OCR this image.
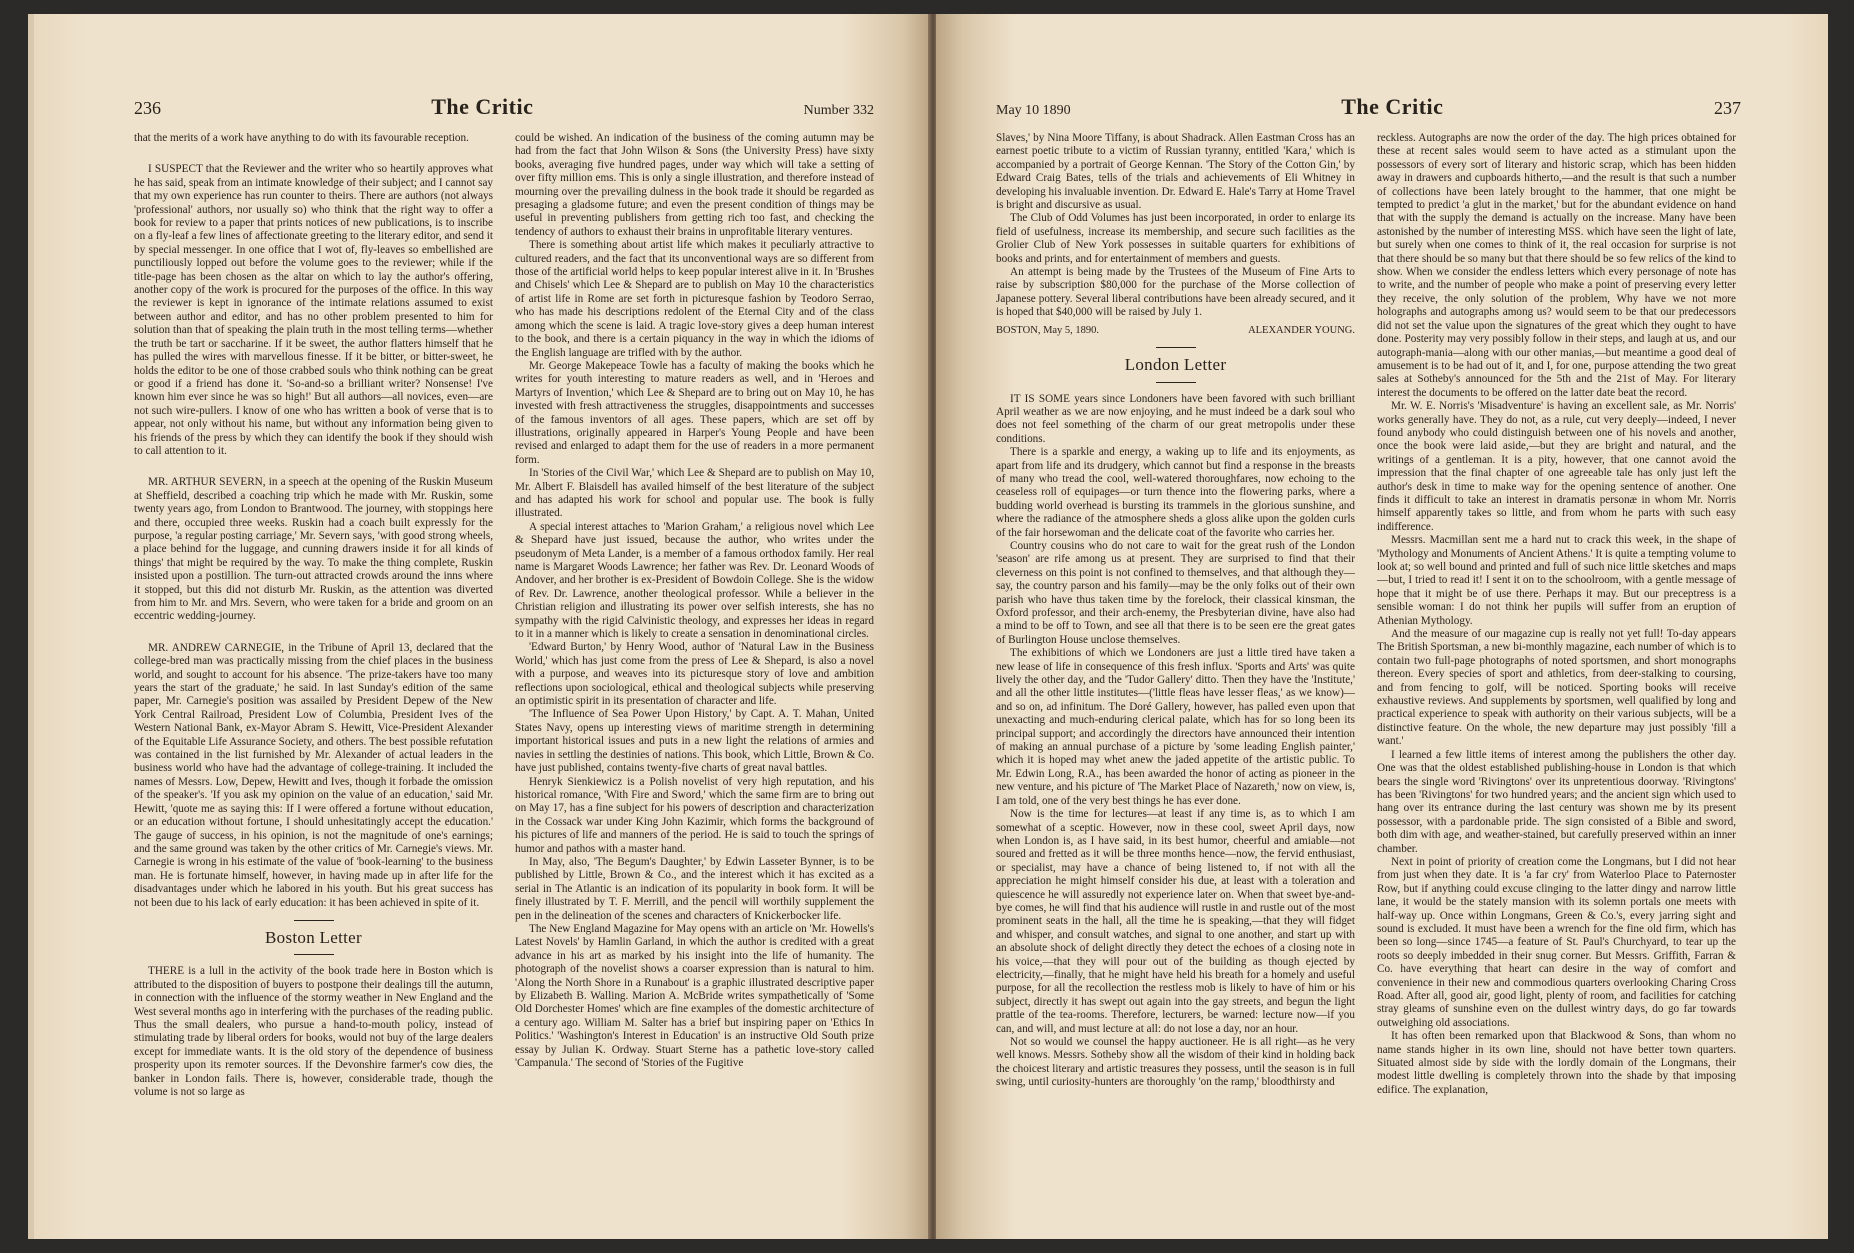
236	The Critic	Number 332

that the merits of a work have anything to do with its favourable reception.

I SUSPECT that the Reviewer and the writer who so heartily approves what he has said, speak from an intimate knowledge of their subject; and I cannot say that my own experience has run counter to theirs. There are authors (not always 'professional' authors, nor usually so) who think that the right way to offer a book for review to a paper that prints notices of new publications, is to inscribe on a fly-leaf a few lines of affectionate greeting to the literary editor, and send it by special messenger. In one office that I wot of, fly-leaves so embellished are punctiliously lopped out before the volume goes to the reviewer; while if the title-page has been chosen as the altar on which to lay the author's offering, another copy of the work is procured for the purposes of the office. In this way the reviewer is kept in ignorance of the intimate relations assumed to exist between author and editor, and has no other problem presented to him for solution than that of speaking the plain truth in the most telling terms—whether the truth be tart or saccharine. If it be sweet, the author flatters himself that he has pulled the wires with marvellous finesse. If it be bitter, or bitter-sweet, he holds the editor to be one of those crabbed souls who think nothing can be great or good if a friend has done it. 'So-and-so a brilliant writer? Nonsense! I've known him ever since he was so high!' But all authors—all novices, even—are not such wire-pullers. I know of one who has written a book of verse that is to appear, not only without his name, but without any information being given to his friends of the press by which they can identify the book if they should wish to call attention to it.

MR. ARTHUR SEVERN, in a speech at the opening of the Ruskin Museum at Sheffield, described a coaching trip which he made with Mr. Ruskin, some twenty years ago, from London to Brantwood. The journey, with stoppings here and there, occupied three weeks. Ruskin had a coach built expressly for the purpose, 'a regular posting carriage,' Mr. Severn says, 'with good strong wheels, a place behind for the luggage, and cunning drawers inside it for all kinds of things' that might be required by the way. To make the thing complete, Ruskin insisted upon a postillion. The turn-out attracted crowds around the inns where it stopped, but this did not disturb Mr. Ruskin, as the attention was diverted from him to Mr. and Mrs. Severn, who were taken for a bride and groom on an eccentric wedding-journey.

MR. ANDREW CARNEGIE, in the Tribune of April 13, declared that the college-bred man was practically missing from the chief places in the business world, and sought to account for his absence. 'The prize-takers have too many years the start of the graduate,' he said. In last Sunday's edition of the same paper, Mr. Carnegie's position was assailed by President Depew of the New York Central Railroad, President Low of Columbia, President Ives of the Western National Bank, ex-Mayor Abram S. Hewitt, Vice-President Alexander of the Equitable Life Assurance Society, and others. The best possible refutation was contained in the list furnished by Mr. Alexander of actual leaders in the business world who have had the advantage of college-training. It included the names of Messrs. Low, Depew, Hewitt and Ives, though it forbade the omission of the speaker's. 'If you ask my opinion on the value of an education,' said Mr. Hewitt, 'quote me as saying this: If I were offered a fortune without education, or an education without fortune, I should unhesitatingly accept the education.' The gauge of success, in his opinion, is not the magnitude of one's earnings; and the same ground was taken by the other critics of Mr. Carnegie's views. Mr. Carnegie is wrong in his estimate of the value of 'book-learning' to the business man. He is fortunate himself, however, in having made up in after life for the disadvantages under which he labored in his youth. But his great success has not been due to his lack of early education: it has been achieved in spite of it.

Boston Letter

THERE is a lull in the activity of the book trade here in Boston which is attributed to the disposition of buyers to postpone their dealings till the autumn, in connection with the influence of the stormy weather in New England and the West several months ago in interfering with the purchases of the reading public. Thus the small dealers, who pursue a hand-to-mouth policy, instead of stimulating trade by liberal orders for books, would not buy of the large dealers except for immediate wants. It is the old story of the dependence of business prosperity upon its remoter sources. If the Devonshire farmer's cow dies, the banker in London fails. There is, however, considerable trade, though the volume is not so large as

could be wished. An indication of the business of the coming autumn may be had from the fact that John Wilson & Sons (the University Press) have sixty books, averaging five hundred pages, under way which will take a setting of over fifty million ems. This is only a single illustration, and therefore instead of mourning over the prevailing dulness in the book trade it should be regarded as presaging a gladsome future; and even the present condition of things may be useful in preventing publishers from getting rich too fast, and checking the tendency of authors to exhaust their brains in unprofitable literary ventures.

There is something about artist life which makes it peculiarly attractive to cultured readers, and the fact that its unconventional ways are so different from those of the artificial world helps to keep popular interest alive in it. In 'Brushes and Chisels' which Lee & Shepard are to publish on May 10 the characteristics of artist life in Rome are set forth in picturesque fashion by Teodoro Serrao, who has made his descriptions redolent of the Eternal City and of the class among which the scene is laid. A tragic love-story gives a deep human interest to the book, and there is a certain piquancy in the way in which the idioms of the English language are trifled with by the author.

Mr. George Makepeace Towle has a faculty of making the books which he writes for youth interesting to mature readers as well, and in 'Heroes and Martyrs of Invention,' which Lee & Shepard are to bring out on May 10, he has invested with fresh attractiveness the struggles, disappointments and successes of the famous inventors of all ages. These papers, which are set off by illustrations, originally appeared in Harper's Young People and have been revised and enlarged to adapt them for the use of readers in a more permanent form.

In 'Stories of the Civil War,' which Lee & Shepard are to publish on May 10, Mr. Albert F. Blaisdell has availed himself of the best literature of the subject and has adapted his work for school and popular use. The book is fully illustrated.

A special interest attaches to 'Marion Graham,' a religious novel which Lee & Shepard have just issued, because the author, who writes under the pseudonym of Meta Lander, is a member of a famous orthodox family. Her real name is Margaret Woods Lawrence; her father was Rev. Dr. Leonard Woods of Andover, and her brother is ex-President of Bowdoin College. She is the widow of Rev. Dr. Lawrence, another theological professor. While a believer in the Christian religion and illustrating its power over selfish interests, she has no sympathy with the rigid Calvinistic theology, and expresses her ideas in regard to it in a manner which is likely to create a sensation in denominational circles.

'Edward Burton,' by Henry Wood, author of 'Natural Law in the Business World,' which has just come from the press of Lee & Shepard, is also a novel with a purpose, and weaves into its picturesque story of love and ambition reflections upon sociological, ethical and theological subjects while preserving an optimistic spirit in its presentation of character and life.

'The Influence of Sea Power Upon History,' by Capt. A. T. Mahan, United States Navy, opens up interesting views of maritime strength in determining important historical issues and puts in a new light the relations of armies and navies in settling the destinies of nations. This book, which Little, Brown & Co. have just published, contains twenty-five charts of great naval battles.

Henryk Sienkiewicz is a Polish novelist of very high reputation, and his historical romance, 'With Fire and Sword,' which the same firm are to bring out on May 17, has a fine subject for his powers of description and characterization in the Cossack war under King John Kazimir, which forms the background of his pictures of life and manners of the period. He is said to touch the springs of humor and pathos with a master hand.

In May, also, 'The Begum's Daughter,' by Edwin Lasseter Bynner, is to be published by Little, Brown & Co., and the interest which it has excited as a serial in The Atlantic is an indication of its popularity in book form. It will be finely illustrated by T. F. Merrill, and the pencil will worthily supplement the pen in the delineation of the scenes and characters of Knickerbocker life.

The New England Magazine for May opens with an article on 'Mr. Howells's Latest Novels' by Hamlin Garland, in which the author is credited with a great advance in his art as marked by his insight into the life of humanity. The photograph of the novelist shows a coarser expression than is natural to him. 'Along the North Shore in a Runabout' is a graphic illustrated descriptive paper by Elizabeth B. Walling. Marion A. McBride writes sympathetically of 'Some Old Dorchester Homes' which are fine examples of the domestic architecture of a century ago. William M. Salter has a brief but inspiring paper on 'Ethics In Politics.' 'Washington's Interest in Education' is an instructive Old South prize essay by Julian K. Ordway. Stuart Sterne has a pathetic love-story called 'Campanula.' The second of 'Stories of the Fugitive

May 10 1890	The Critic	237

Slaves,' by Nina Moore Tiffany, is about Shadrack. Allen Eastman Cross has an earnest poetic tribute to a victim of Russian tyranny, entitled 'Kara,' which is accompanied by a portrait of George Kennan. 'The Story of the Cotton Gin,' by Edward Craig Bates, tells of the trials and achievements of Eli Whitney in developing his invaluable invention. Dr. Edward E. Hale's Tarry at Home Travel is bright and discursive as usual.

The Club of Odd Volumes has just been incorporated, in order to enlarge its field of usefulness, increase its membership, and secure such facilities as the Grolier Club of New York possesses in suitable quarters for exhibitions of books and prints, and for entertainment of members and guests.

An attempt is being made by the Trustees of the Museum of Fine Arts to raise by subscription $80,000 for the purchase of the Morse collection of Japanese pottery. Several liberal contributions have been already secured, and it is hoped that $40,000 will be raised by July 1.

BOSTON, May 5, 1890.	ALEXANDER YOUNG.
London Letter

IT IS SOME years since Londoners have been favored with such brilliant April weather as we are now enjoying, and he must indeed be a dark soul who does not feel something of the charm of our great metropolis under these conditions.

There is a sparkle and energy, a waking up to life and its enjoyments, as apart from life and its drudgery, which cannot but find a response in the breasts of many who tread the cool, well-watered thoroughfares, now echoing to the ceaseless roll of equipages—or turn thence into the flowering parks, where a budding world overhead is bursting its trammels in the glorious sunshine, and where the radiance of the atmosphere sheds a gloss alike upon the golden curls of the fair horsewoman and the delicate coat of the favorite who carries her.

Country cousins who do not care to wait for the great rush of the London 'season' are rife among us at present. They are surprised to find that their cleverness on this point is not confined to themselves, and that although they—say, the country parson and his family—may be the only folks out of their own parish who have thus taken time by the forelock, their classical kinsman, the Oxford professor, and their arch-enemy, the Presbyterian divine, have also had a mind to be off to Town, and see all that there is to be seen ere the great gates of Burlington House unclose themselves.

The exhibitions of which we Londoners are just a little tired have taken a new lease of life in consequence of this fresh influx. 'Sports and Arts' was quite lively the other day, and the 'Tudor Gallery' ditto. Then they have the 'Institute,' and all the other little institutes—('little fleas have lesser fleas,' as we know)—and so on, ad infinitum. The Doré Gallery, however, has palled even upon that unexacting and much-enduring clerical palate, which has for so long been its principal support; and accordingly the directors have announced their intention of making an annual purchase of a picture by 'some leading English painter,' which it is hoped may whet anew the jaded appetite of the artistic public. To Mr. Edwin Long, R.A., has been awarded the honor of acting as pioneer in the new venture, and his picture of 'The Market Place of Nazareth,' now on view, is, I am told, one of the very best things he has ever done.

Now is the time for lectures—at least if any time is, as to which I am somewhat of a sceptic. However, now in these cool, sweet April days, now when London is, as I have said, in its best humor, cheerful and amiable—not soured and fretted as it will be three months hence—now, the fervid enthusiast, or specialist, may have a chance of being listened to, if not with all the appreciation he might himself consider his due, at least with a toleration and quiescence he will assuredly not experience later on. When that sweet bye-and-bye comes, he will find that his audience will rustle in and rustle out of the most prominent seats in the hall, all the time he is speaking,—that they will fidget and whisper, and consult watches, and signal to one another, and start up with an absolute shock of delight directly they detect the echoes of a closing note in his voice,—that they will pour out of the building as though ejected by electricity,—finally, that he might have held his breath for a homely and useful purpose, for all the recollection the restless mob is likely to have of him or his subject, directly it has swept out again into the gay streets, and begun the light prattle of the tea-rooms. Therefore, lecturers, be warned: lecture now—if you can, and will, and must lecture at all: do not lose a day, nor an hour.

Not so would we counsel the happy auctioneer. He is all right—as he very well knows. Messrs. Sotheby show all the wisdom of their kind in holding back the choicest literary and artistic treasures they possess, until the season is in full swing, until curiosity-hunters are thoroughly 'on the ramp,' bloodthirsty and

reckless. Autographs are now the order of the day. The high prices obtained for these at recent sales would seem to have acted as a stimulant upon the possessors of every sort of literary and historic scrap, which has been hidden away in drawers and cupboards hitherto,—and the result is that such a number of collections have been lately brought to the hammer, that one might be tempted to predict 'a glut in the market,' but for the abundant evidence on hand that with the supply the demand is actually on the increase. Many have been astonished by the number of interesting MSS. which have seen the light of late, but surely when one comes to think of it, the real occasion for surprise is not that there should be so many but that there should be so few relics of the kind to show. When we consider the endless letters which every personage of note has to write, and the number of people who make a point of preserving every letter they receive, the only solution of the problem, Why have we not more holographs and autographs among us? would seem to be that our predecessors did not set the value upon the signatures of the great which they ought to have done. Posterity may very possibly follow in their steps, and laugh at us, and our autograph-mania—along with our other manias,—but meantime a good deal of amusement is to be had out of it, and I, for one, purpose attending the two great sales at Sotheby's announced for the 5th and the 21st of May. For literary interest the documents to be offered on the latter date beat the record.

Mr. W. E. Norris's 'Misadventure' is having an excellent sale, as Mr. Norris' works generally have. They do not, as a rule, cut very deeply—indeed, I never found anybody who could distinguish between one of his novels and another, once the book were laid aside,—but they are bright and natural, and the writings of a gentleman. It is a pity, however, that one cannot avoid the impression that the final chapter of one agreeable tale has only just left the author's desk in time to make way for the opening sentence of another. One finds it difficult to take an interest in dramatis personæ in whom Mr. Norris himself apparently takes so little, and from whom he parts with such easy indifference.

Messrs. Macmillan sent me a hard nut to crack this week, in the shape of 'Mythology and Monuments of Ancient Athens.' It is quite a tempting volume to look at; so well bound and printed and full of such nice little sketches and maps—but, I tried to read it! I sent it on to the schoolroom, with a gentle message of hope that it might be of use there. Perhaps it may. But our preceptress is a sensible woman: I do not think her pupils will suffer from an eruption of Athenian Mythology.

And the measure of our magazine cup is really not yet full! To-day appears The British Sportsman, a new bi-monthly magazine, each number of which is to contain two full-page photographs of noted sportsmen, and short monographs thereon. Every species of sport and athletics, from deer-stalking to coursing, and from fencing to golf, will be noticed. Sporting books will receive exhaustive reviews. And supplements by sportsmen, well qualified by long and practical experience to speak with authority on their various subjects, will be a distinctive feature. On the whole, the new departure may just possibly 'fill a want.'

I learned a few little items of interest among the publishers the other day. One was that the oldest established publishing-house in London is that which bears the single word 'Rivingtons' over its unpretentious doorway. 'Rivingtons' has been 'Rivingtons' for two hundred years; and the ancient sign which used to hang over its entrance during the last century was shown me by its present possessor, with a pardonable pride. The sign consisted of a Bible and sword, both dim with age, and weather-stained, but carefully preserved within an inner chamber.

Next in point of priority of creation come the Longmans, but I did not hear from just when they date. It is 'a far cry' from Waterloo Place to Paternoster Row, but if anything could excuse clinging to the latter dingy and narrow little lane, it would be the stately mansion with its solemn portals one meets with half-way up. Once within Longmans, Green & Co.'s, every jarring sight and sound is excluded. It must have been a wrench for the fine old firm, which has been so long—since 1745—a feature of St. Paul's Churchyard, to tear up the roots so deeply imbedded in their snug corner. But Messrs. Griffith, Farran & Co. have everything that heart can desire in the way of comfort and convenience in their new and commodious quarters overlooking Charing Cross Road. After all, good air, good light, plenty of room, and facilities for catching stray gleams of sunshine even on the dullest wintry days, do go far towards outweighing old associations.

It has often been remarked upon that Blackwood & Sons, than whom no name stands higher in its own line, should not have better town quarters. Situated almost side by side with the lordly domain of the Longmans, their modest little dwelling is completely thrown into the shade by that imposing edifice. The explanation,
